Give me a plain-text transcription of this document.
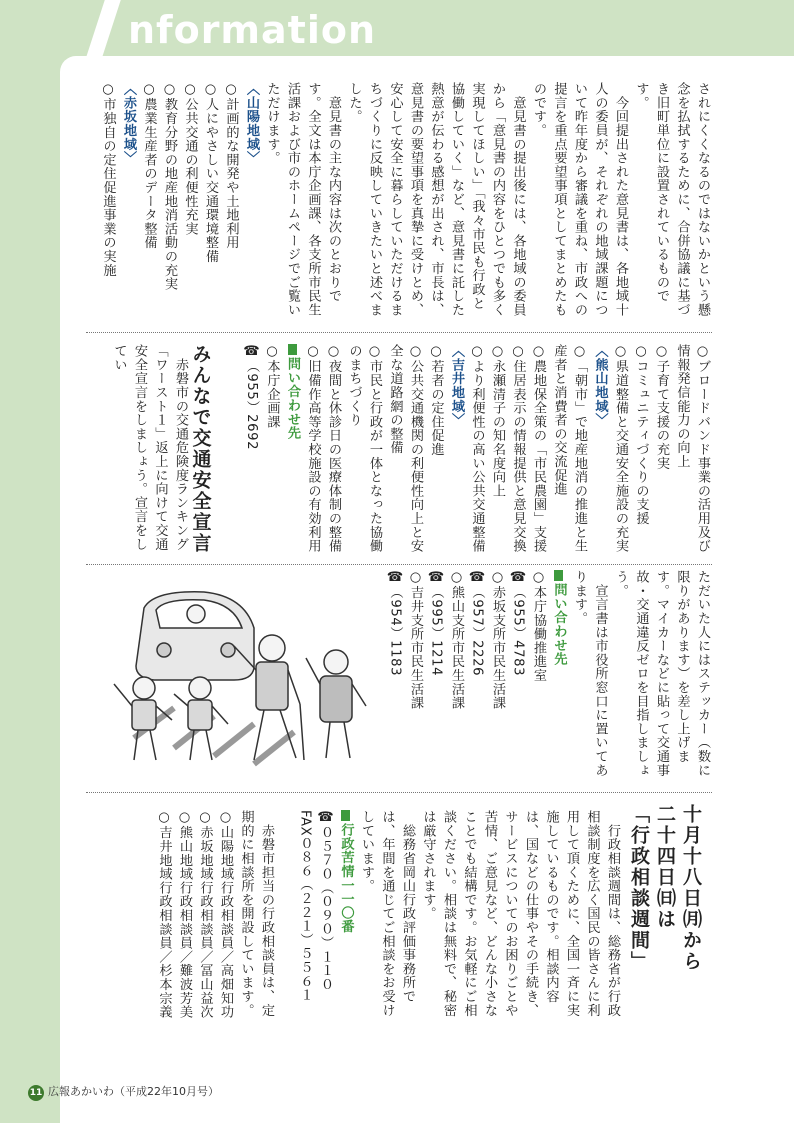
nformation

されにくくなるのではないかという懸念を払拭するために、合併協議に基づき旧町単位に設置されているものです。

　今回提出された意見書は、各地域十人の委員が、それぞれの地域課題について昨年度から審議を重ね、市政への提言を重点要望事項としてまとめたものです。

　意見書の提出後には、各地域の委員から「意見書の内容をひとつでも多く実現してほしい」「我々市民も行政と協働していく」など、意見書に託した熱意が伝わる感想が出され、市長は、意見書の要望事項を真摯に受けとめ、安心して安全に暮らしていただけるまちづくりに反映していきたいと述べました。

　意見書の主な内容は次のとおりです。全文は本庁企画課、各支所市民生活課および市のホームページでご覧いただけます。

〈山陽地域〉

○計画的な開発や土地利用

○人にやさしい交通環境整備

○公共交通の利便性充実

○教育分野の地産地消活動の充実

○農業生産者のデータ整備

〈赤坂地域〉

○市独自の定住促進事業の実施

○ブロードバンド事業の活用及び情報発信能力の向上

○子育て支援の充実

○コミュニティづくりの支援

○県道整備と交通安全施設の充実

〈熊山地域〉

○「朝市」で地産地消の推進と生産者と消費者の交流促進

○農地保全策の「市民農園」支援

○住居表示の情報提供と意見交換

○永瀬清子の知名度向上

○より利便性の高い公共交通整備

〈吉井地域〉

○若者の定住促進

○公共交通機関の利便性向上と安全な道路網の整備

○市民と行政が一体となった協働のまちづくり

○夜間と休診日の医療体制の整備

○旧備作高等学校施設の有効利用

問い合わせ先

○本庁企画課

☎（955）2692

みんなで交通安全宣言

　赤磐市の交通危険度ランキング「ワースト１」返上に向けて交通安全宣言をしましょう。宣言をしてい

ただいた人にはステッカー（数に限りがあります）を差し上げます。マイカーなどに貼って交通事故・交通違反ゼロを目指しましょう。

　宣言書は市役所窓口に置いてあります。

問い合わせ先

○本庁協働推進室

☎（955）4783

○赤坂支所市民生活課

☎（957）2226

○熊山支所市民生活課

☎（995）1214

○吉井支所市民生活課

☎（954）1183

十月十八日㈪から
二十四日㈰は
「行政相談週間」

　行政相談週間は、総務省が行政相談制度を広く国民の皆さんに利用して頂くために、全国一斉に実施しているものです。相談内容は、国などの仕事やその手続き、サービスについてのお困りごとや苦情、ご意見など、どんな小さなことでも結構です。お気軽にご相談ください。相談は無料で、秘密は厳守されます。

　総務省岡山行政評価事務所では、年間を通じてご相談をお受けしています。

行政苦情一一〇番

☎０５７０（０９０）１１０

FAX０８６（２２１）５５６１

　赤磐市担当の行政相談員は、定期的に相談所を開設しています。

○山陽地域行政相談員／高畑知功

○赤坂地域行政相談員／冨山益次

○熊山地域行政相談員／難波芳美

○吉井地域行政相談員／杉本宗義

11 広報あかいわ（平成22年10月号）
